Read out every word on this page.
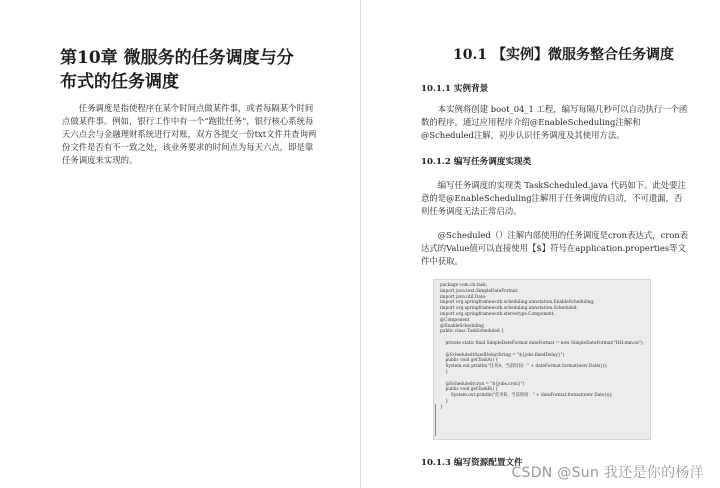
第10章 微服务的任务调度与分
布式的任务调度

任务调度是指使程序在某个时间点做某件事，或者每隔某个时间点做某件事。例如，银行工作中有一个“跑批任务”，银行核心系统每天六点会与金融理财系统进行对账，双方各提交一份txt文件并查询两份文件是否有不一致之处，该业务要求的时间点为每天六点，即是靠任务调度来实现的。

10.1 【实例】微服务整合任务调度
10.1.1 实例背景

本实例将创建 boot_04_1 工程，编写每隔几秒可以自动执行一个函数的程序。通过应用程序介绍@EnableScheduling注解和@Scheduled注解，初步认识任务调度及其使用方法。

10.1.2 编写任务调度实现类

编写任务调度的实现类 TaskScheduled.java 代码如下。此处要注意的是@EnableScheduling注解用于任务调度的启动，不可遗漏，否则任务调度无法正常启动。

@Scheduled（）注解内部使用的任务调度是cron表达式，cron表达式的Value值可以直接使用【$】符号在application.properties等文件中获取。

package com.cb.task;
import java.text.SimpleDateFormat;
import java.util.Date;
import org.springframework.scheduling.annotation.EnableScheduling;
import org.springframework.scheduling.annotation.Scheduled;
import org.springframework.stereotype.Component;
@Component
@EnableScheduling
public class TaskScheduled {
private static final SimpleDateFormat dateFormat = new SimpleDateFormat("HH:mm:ss");
@Scheduled(fixedDelayString = "${jobs.fixedDelay}")
public void getTaskA() {
System.out.println("任务A，当前时间：" + dateFormat.format(new Date()));
}
@Scheduled(cron = "${jobs.cron}")
public void getTaskB() {
System.out.println("任务B，当前时间：" + dateFormat.format(new Date()));
}
}
10.1.3 编写资源配置文件
CSDN @Sun 我还是你的杨洋
